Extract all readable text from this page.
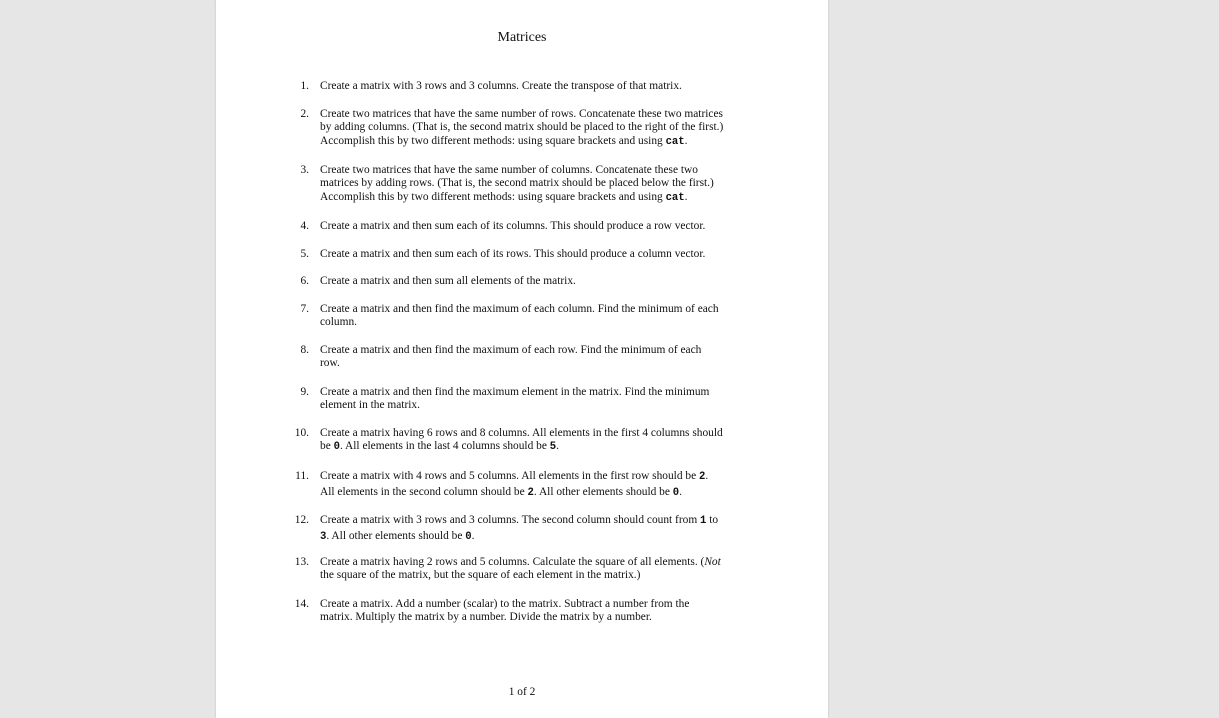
Matrices
1. Create a matrix with 3 rows and 3 columns. Create the transpose of that matrix.
2. Create two matrices that have the same number of rows. Concatenate these two matrices
by adding columns. (That is, the second matrix should be placed to the right of the first.)
Accomplish this by two different methods: using square brackets and using cat.
3. Create two matrices that have the same number of columns. Concatenate these two
matrices by adding rows. (That is, the second matrix should be placed below the first.)
Accomplish this by two different methods: using square brackets and using cat.
4. Create a matrix and then sum each of its columns. This should produce a row vector.
5. Create a matrix and then sum each of its rows. This should produce a column vector.
6. Create a matrix and then sum all elements of the matrix.
7. Create a matrix and then find the maximum of each column. Find the minimum of each
column.
8. Create a matrix and then find the maximum of each row. Find the minimum of each
row.
9. Create a matrix and then find the maximum element in the matrix. Find the minimum
element in the matrix.
10. Create a matrix having 6 rows and 8 columns. All elements in the first 4 columns should
be 0. All elements in the last 4 columns should be 5.
11. Create a matrix with 4 rows and 5 columns. All elements in the first row should be 2.
All elements in the second column should be 2. All other elements should be 0.
12. Create a matrix with 3 rows and 3 columns. The second column should count from 1 to
3. All other elements should be 0.
13. Create a matrix having 2 rows and 5 columns. Calculate the square of all elements. (Not
the square of the matrix, but the square of each element in the matrix.)
14. Create a matrix. Add a number (scalar) to the matrix. Subtract a number from the
matrix. Multiply the matrix by a number. Divide the matrix by a number.
1 of 2
